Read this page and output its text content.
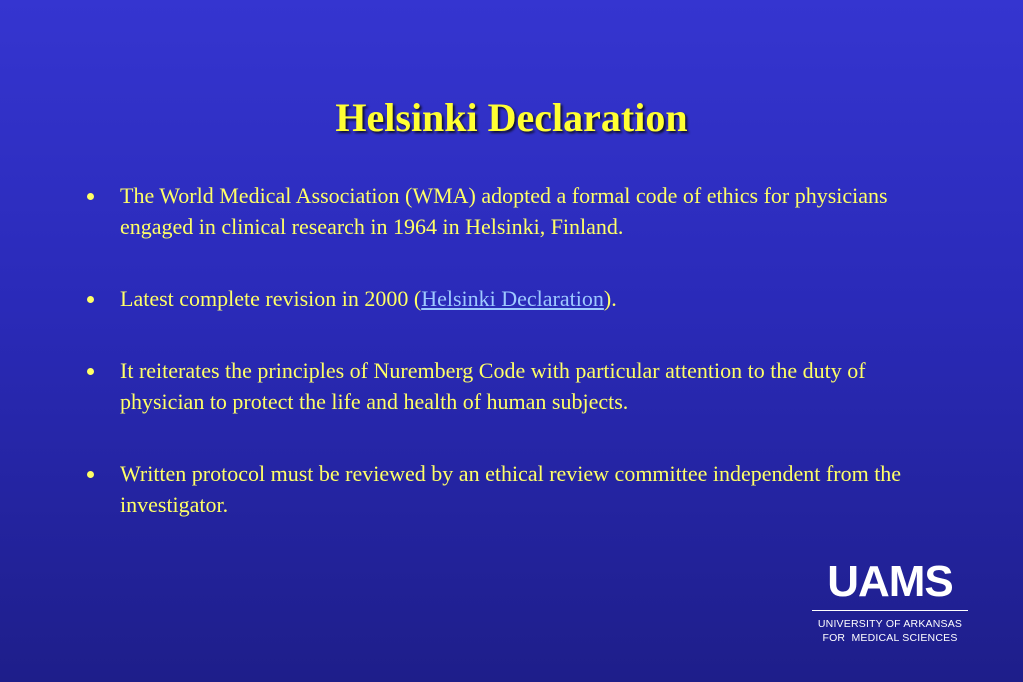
Helsinki Declaration
The World Medical Association (WMA) adopted a formal code of ethics for physicians engaged in clinical research in 1964 in Helsinki, Finland.
Latest complete revision in 2000 (Helsinki Declaration).
It reiterates the principles of Nuremberg Code with particular attention to the duty of physician to protect the life and health of human subjects.
Written protocol must be reviewed by an ethical review committee independent from the investigator.
UAMS
UNIVERSITY OF ARKANSAS
FOR  MEDICAL SCIENCES
